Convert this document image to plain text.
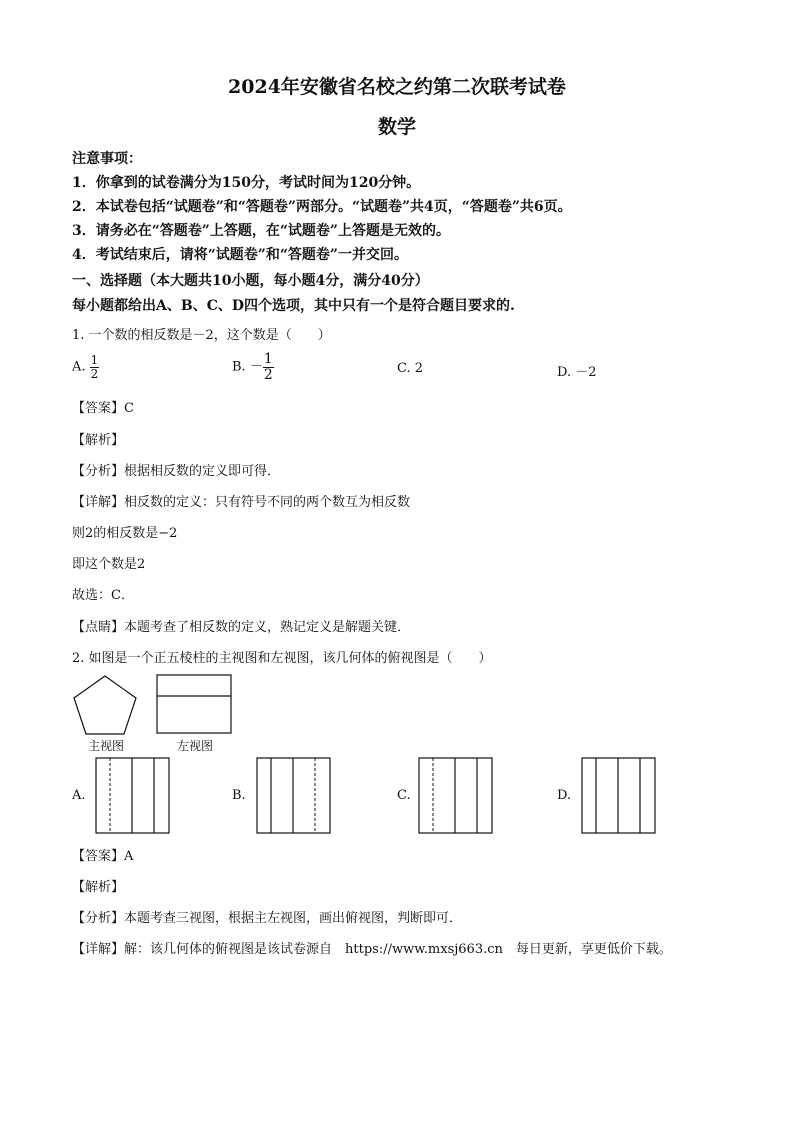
2024年安徽省名校之约第二次联考试卷
数学
注意事项：
1．你拿到的试卷满分为150分，考试时间为120分钟。
2．本试卷包括“试题卷”和“答题卷”两部分。“试题卷”共4页，“答题卷”共6页。
3．请务必在“答题卷”上答题，在“试题卷”上答题是无效的。
4．考试结束后，请将“试题卷”和“答题卷”一并交回。
一、选择题（本大题共10小题，每小题4分，满分40分）
每小题都给出A、B、C、D四个选项，其中只有一个是符合题目要求的.
1. 一个数的相反数是－2，这个数是（　　）
A. $\frac{1}{2}$	B. － $\frac{1}{2}$	C. 2	D. －2
【答案】C
【解析】
【分析】根据相反数的定义即可得．
【详解】相反数的定义：只有符号不同的两个数互为相反数
则2的相反数是−2
即这个数是2
故选：C．
【点睛】本题考查了相反数的定义，熟记定义是解题关键．
2. 如图是一个正五棱柱的主视图和左视图，该几何体的俯视图是（　　）
主视图	左视图
A.	B.	C.	D.
【答案】A
【解析】
【分析】本题考查三视图，根据主左视图，画出俯视图，判断即可．
【详解】解：该几何体的俯视图是该试卷源自　https://www.mxsj663.cn　每日更新，享更低价下载。
